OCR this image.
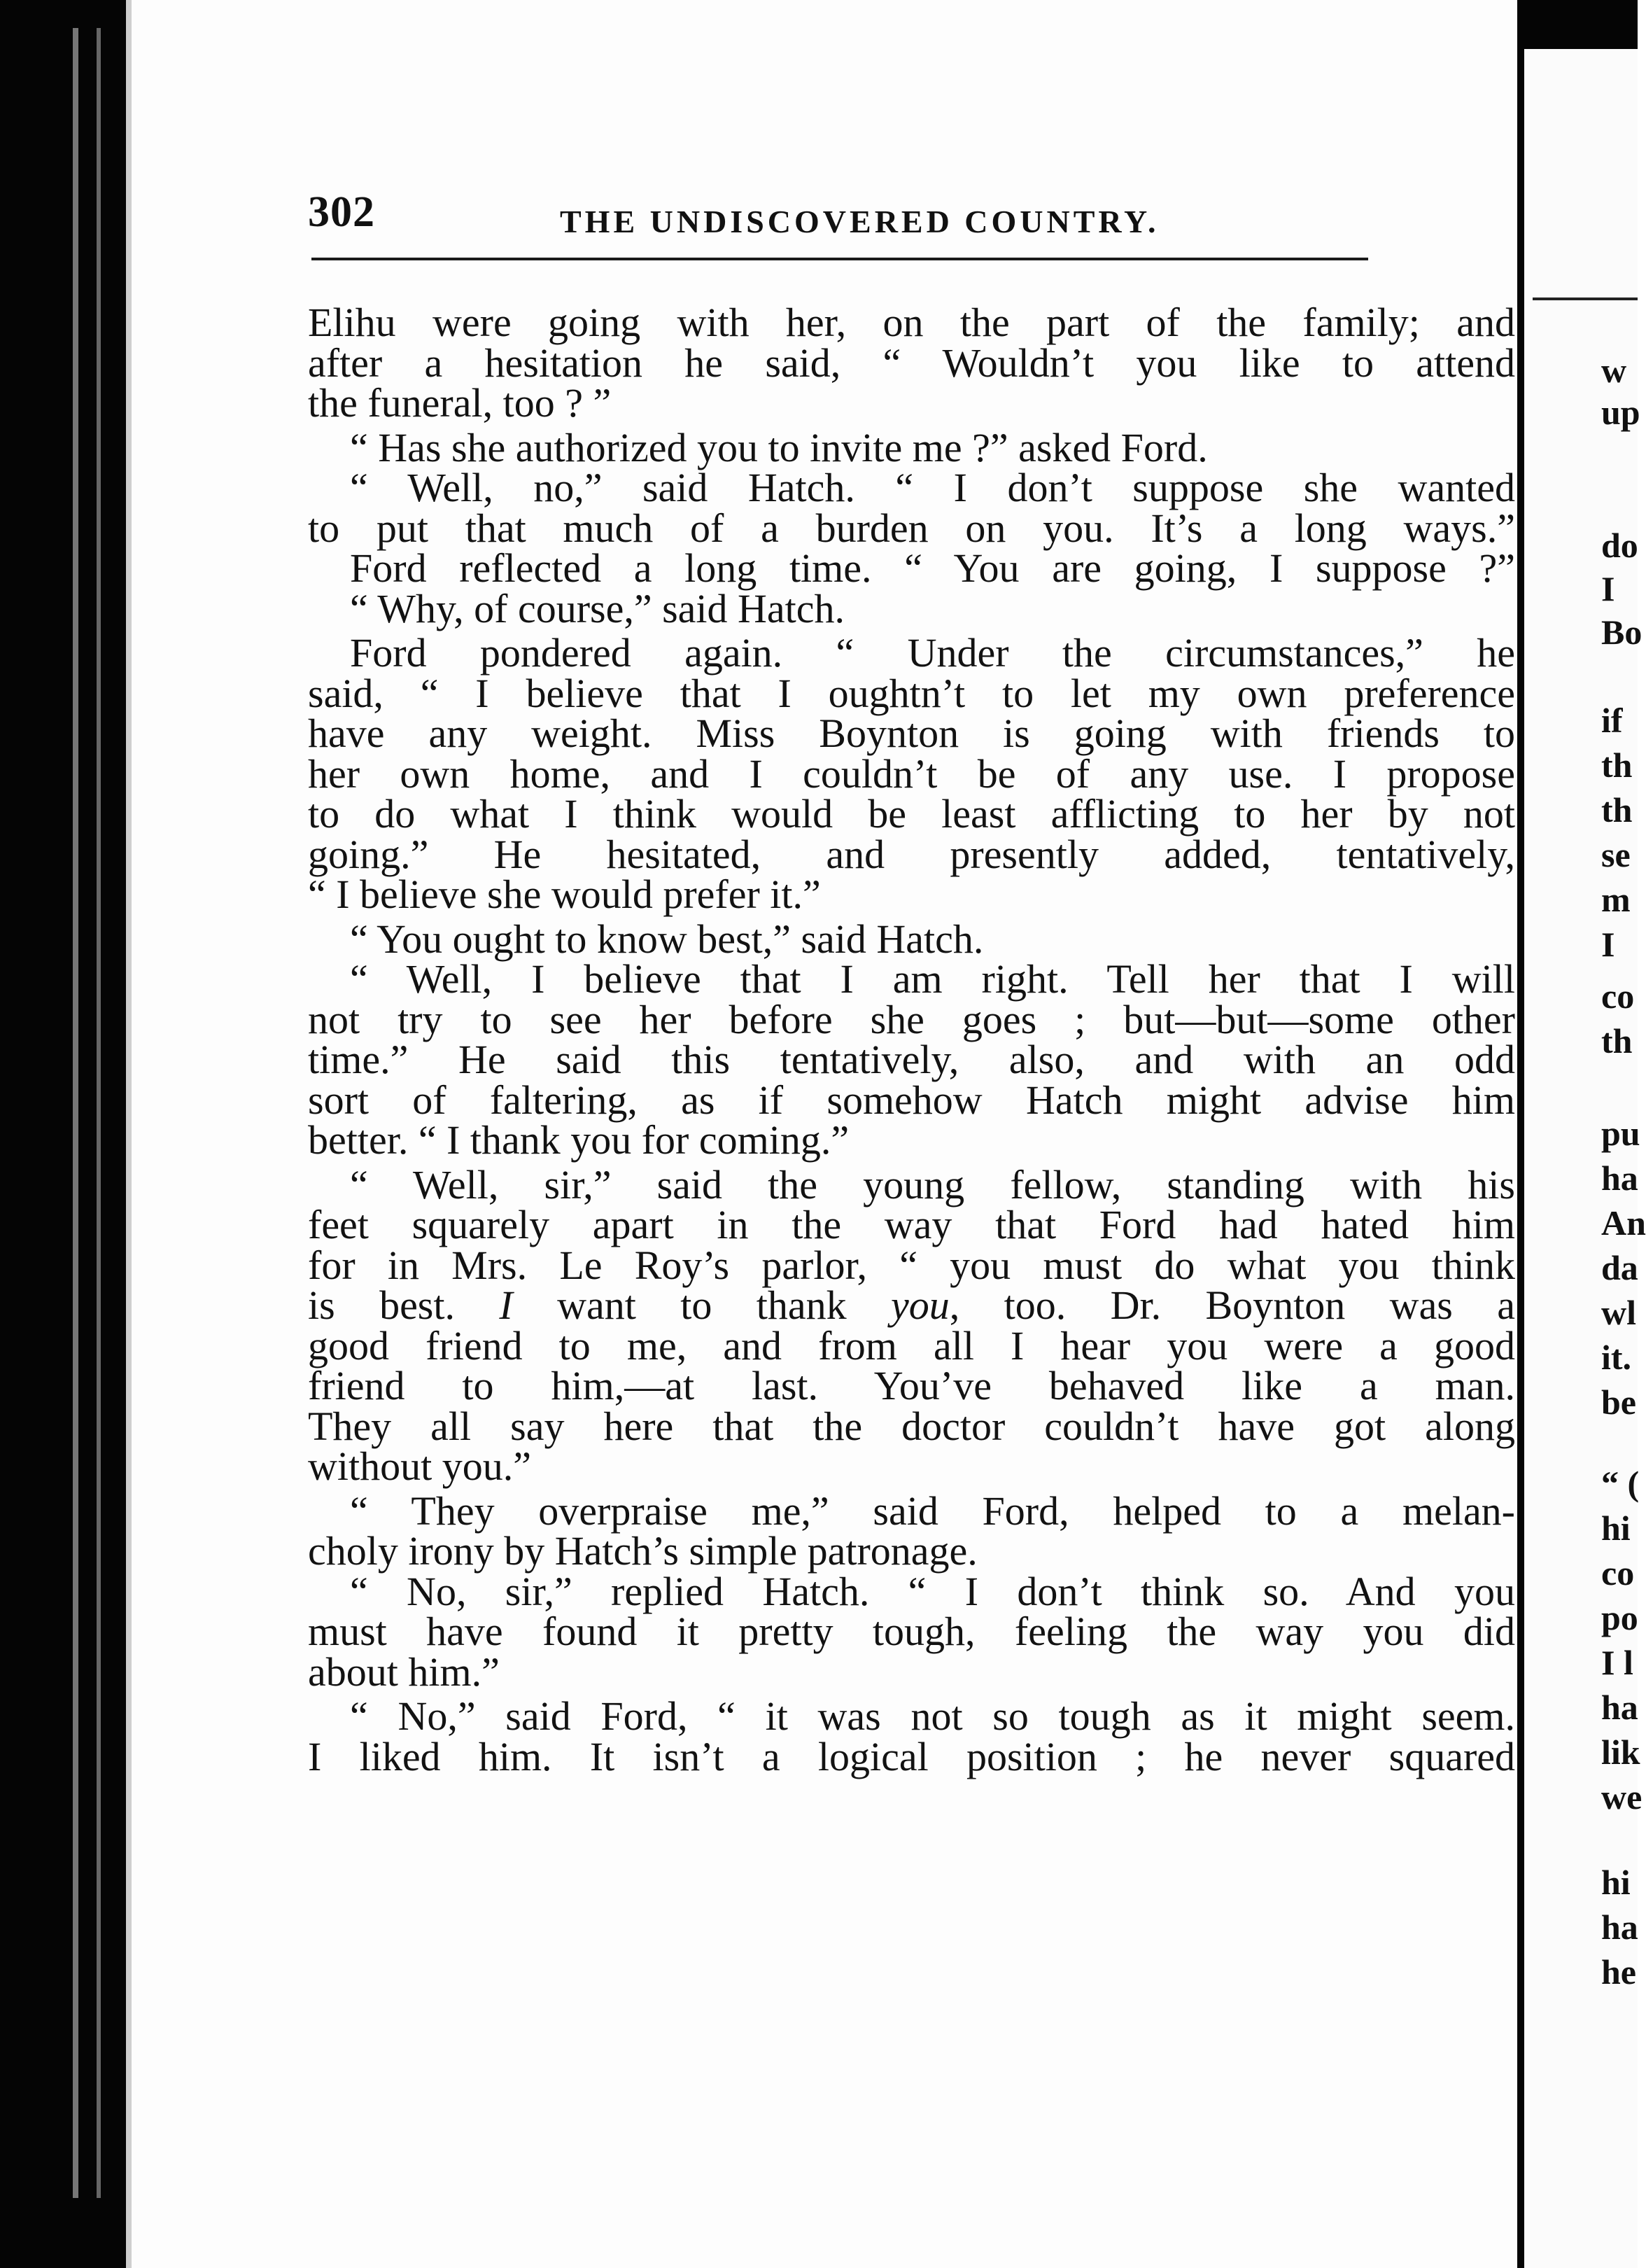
302	THE UNDISCOVERED COUNTRY.
Elihu were going with her, on the part of the family; and
after a hesitation he said, “ Wouldn’t you like to attend
the funeral, too ? ”
“ Has she authorized you to invite me ?” asked Ford.
“ Well, no,” said Hatch. “ I don’t suppose she wanted
to put that much of a burden on you. It’s a long ways.”
Ford reflected a long time. “ You are going, I suppose ?”
“ Why, of course,” said Hatch.
Ford pondered again. “ Under the circumstances,” he
said, “ I believe that I oughtn’t to let my own preference
have any weight. Miss Boynton is going with friends to
her own home, and I couldn’t be of any use. I propose
to do what I think would be least afflicting to her by not
going.” He hesitated, and presently added, tentatively,
“ I believe she would prefer it.”
“ You ought to know best,” said Hatch.
“ Well, I believe that I am right. Tell her that I will
not try to see her before she goes ; but—but—some other
time.” He said this tentatively, also, and with an odd
sort of faltering, as if somehow Hatch might advise him
better. “ I thank you for coming.”
“ Well, sir,” said the young fellow, standing with his
feet squarely apart in the way that Ford had hated him
for in Mrs. Le Roy’s parlor, “ you must do what you think
is best. I want to thank you, too. Dr. Boynton was a
good friend to me, and from all I hear you were a good
friend to him,—at last. You’ve behaved like a man.
They all say here that the doctor couldn’t have got along
without you.”
“ They overpraise me,” said Ford, helped to a melan-
choly irony by Hatch’s simple patronage.
“ No, sir,” replied Hatch. “ I don’t think so. And you
must have found it pretty tough, feeling the way you did
about him.”
“ No,” said Ford, “ it was not so tough as it might seem.
I liked him. It isn’t a logical position ; he never squared
w
up
do
I
Bo
if
th
th
se
m
I
co
th
pu
ha
An
da
wl
it.
be
“ (
hi
co
po
I l
ha
lik
we
hi
ha
he
